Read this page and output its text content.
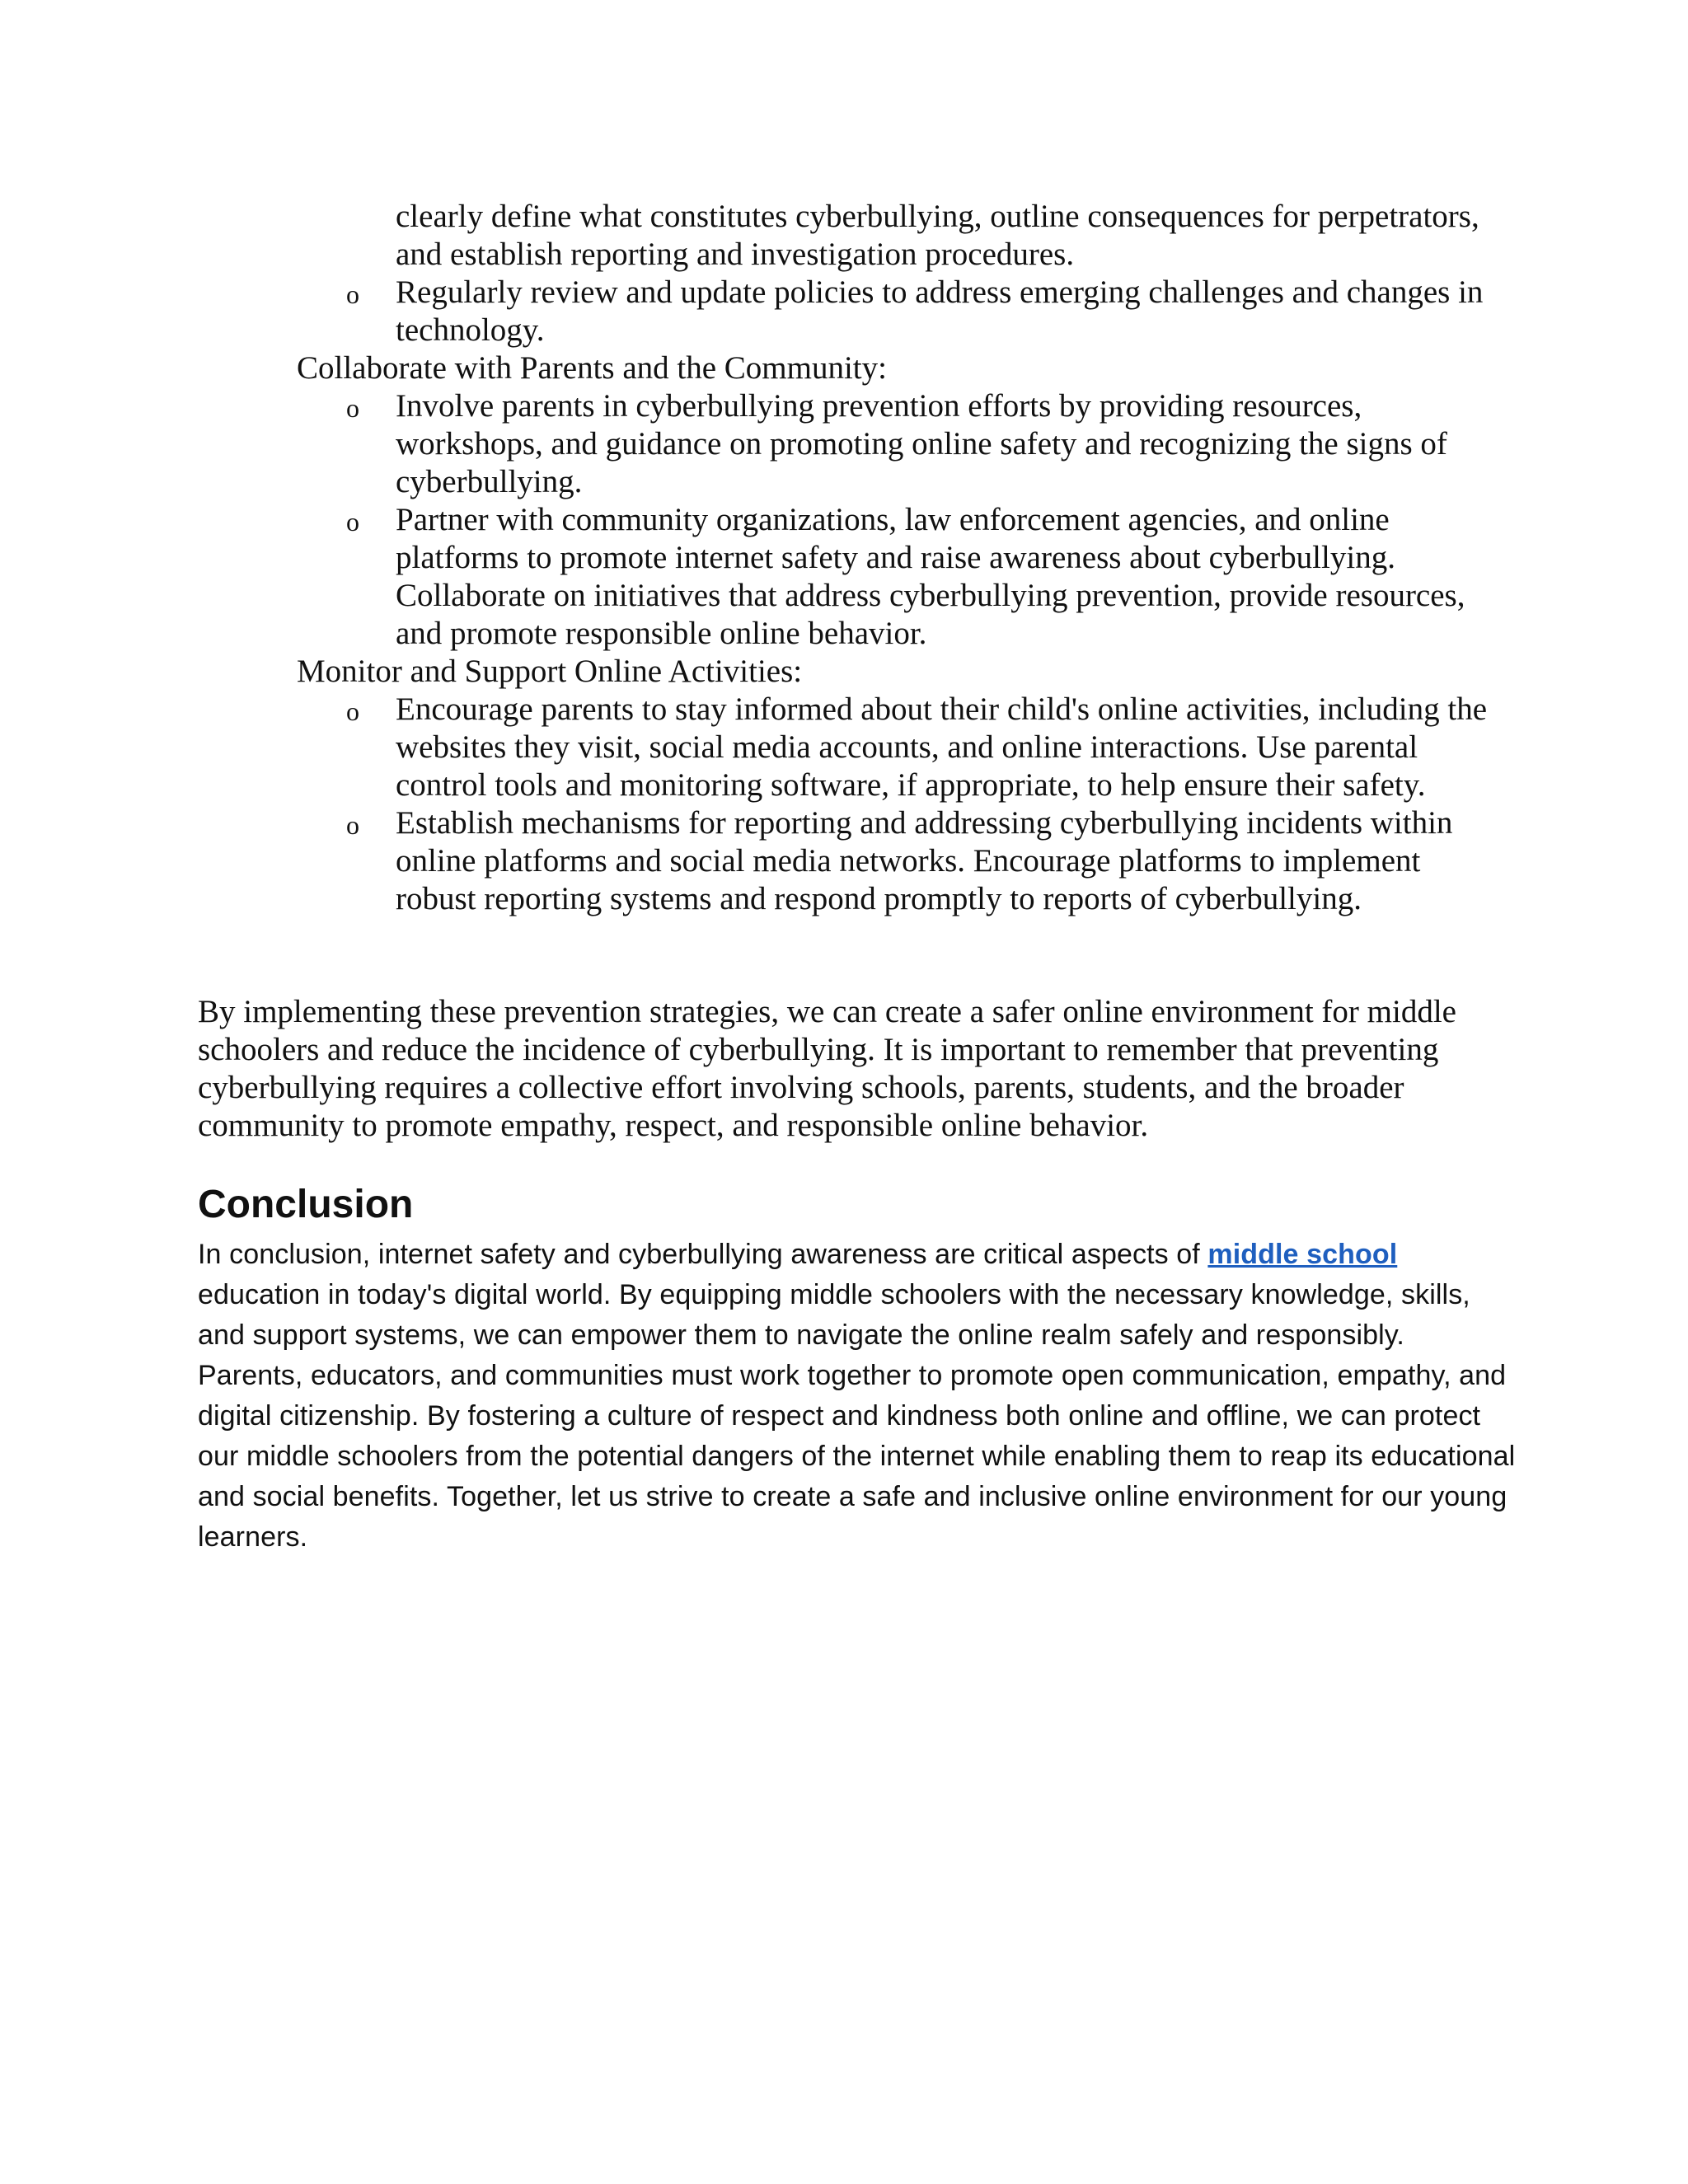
clearly define what constitutes cyberbullying, outline consequences for perpetrators, and establish reporting and investigation procedures.
o Regularly review and update policies to address emerging challenges and changes in technology.
Collaborate with Parents and the Community:
o Involve parents in cyberbullying prevention efforts by providing resources, workshops, and guidance on promoting online safety and recognizing the signs of cyberbullying.
o Partner with community organizations, law enforcement agencies, and online platforms to promote internet safety and raise awareness about cyberbullying. Collaborate on initiatives that address cyberbullying prevention, provide resources, and promote responsible online behavior.
Monitor and Support Online Activities:
o Encourage parents to stay informed about their child's online activities, including the websites they visit, social media accounts, and online interactions. Use parental control tools and monitoring software, if appropriate, to help ensure their safety.
o Establish mechanisms for reporting and addressing cyberbullying incidents within online platforms and social media networks. Encourage platforms to implement robust reporting systems and respond promptly to reports of cyberbullying.

By implementing these prevention strategies, we can create a safer online environment for middle schoolers and reduce the incidence of cyberbullying. It is important to remember that preventing cyberbullying requires a collective effort involving schools, parents, students, and the broader community to promote empathy, respect, and responsible online behavior.

Conclusion

In conclusion, internet safety and cyberbullying awareness are critical aspects of middle school education in today's digital world. By equipping middle schoolers with the necessary knowledge, skills, and support systems, we can empower them to navigate the online realm safely and responsibly. Parents, educators, and communities must work together to promote open communication, empathy, and digital citizenship. By fostering a culture of respect and kindness both online and offline, we can protect our middle schoolers from the potential dangers of the internet while enabling them to reap its educational and social benefits. Together, let us strive to create a safe and inclusive online environment for our young learners.
